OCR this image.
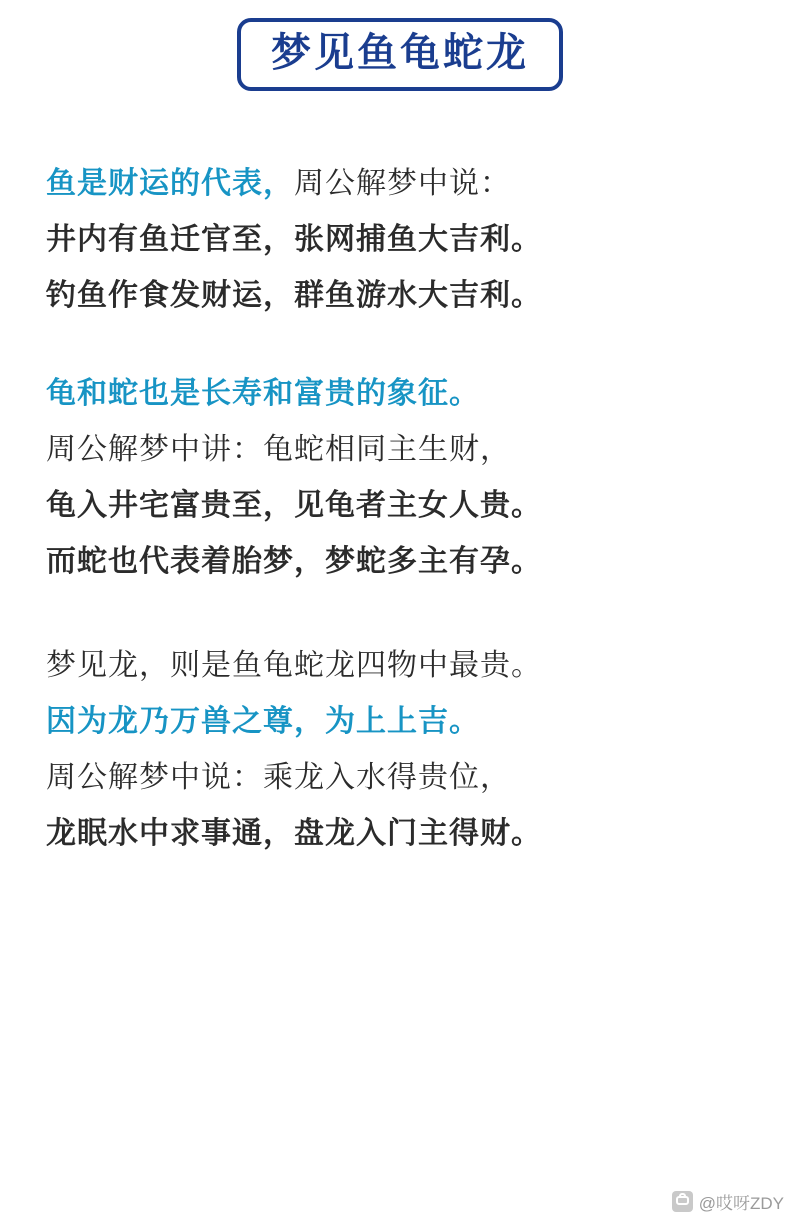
梦见鱼龟蛇龙
鱼是财运的代表，周公解梦中说：
井内有鱼迁官至，张网捕鱼大吉利。
钓鱼作食发财运，群鱼游水大吉利。
龟和蛇也是长寿和富贵的象征。
周公解梦中讲：龟蛇相同主生财，
龟入井宅富贵至，见龟者主女人贵。
而蛇也代表着胎梦，梦蛇多主有孕。
梦见龙，则是鱼龟蛇龙四物中最贵。
因为龙乃万兽之尊，为上上吉。
周公解梦中说：乘龙入水得贵位，
龙眠水中求事通，盘龙入门主得财。
@哎呀ZDY
